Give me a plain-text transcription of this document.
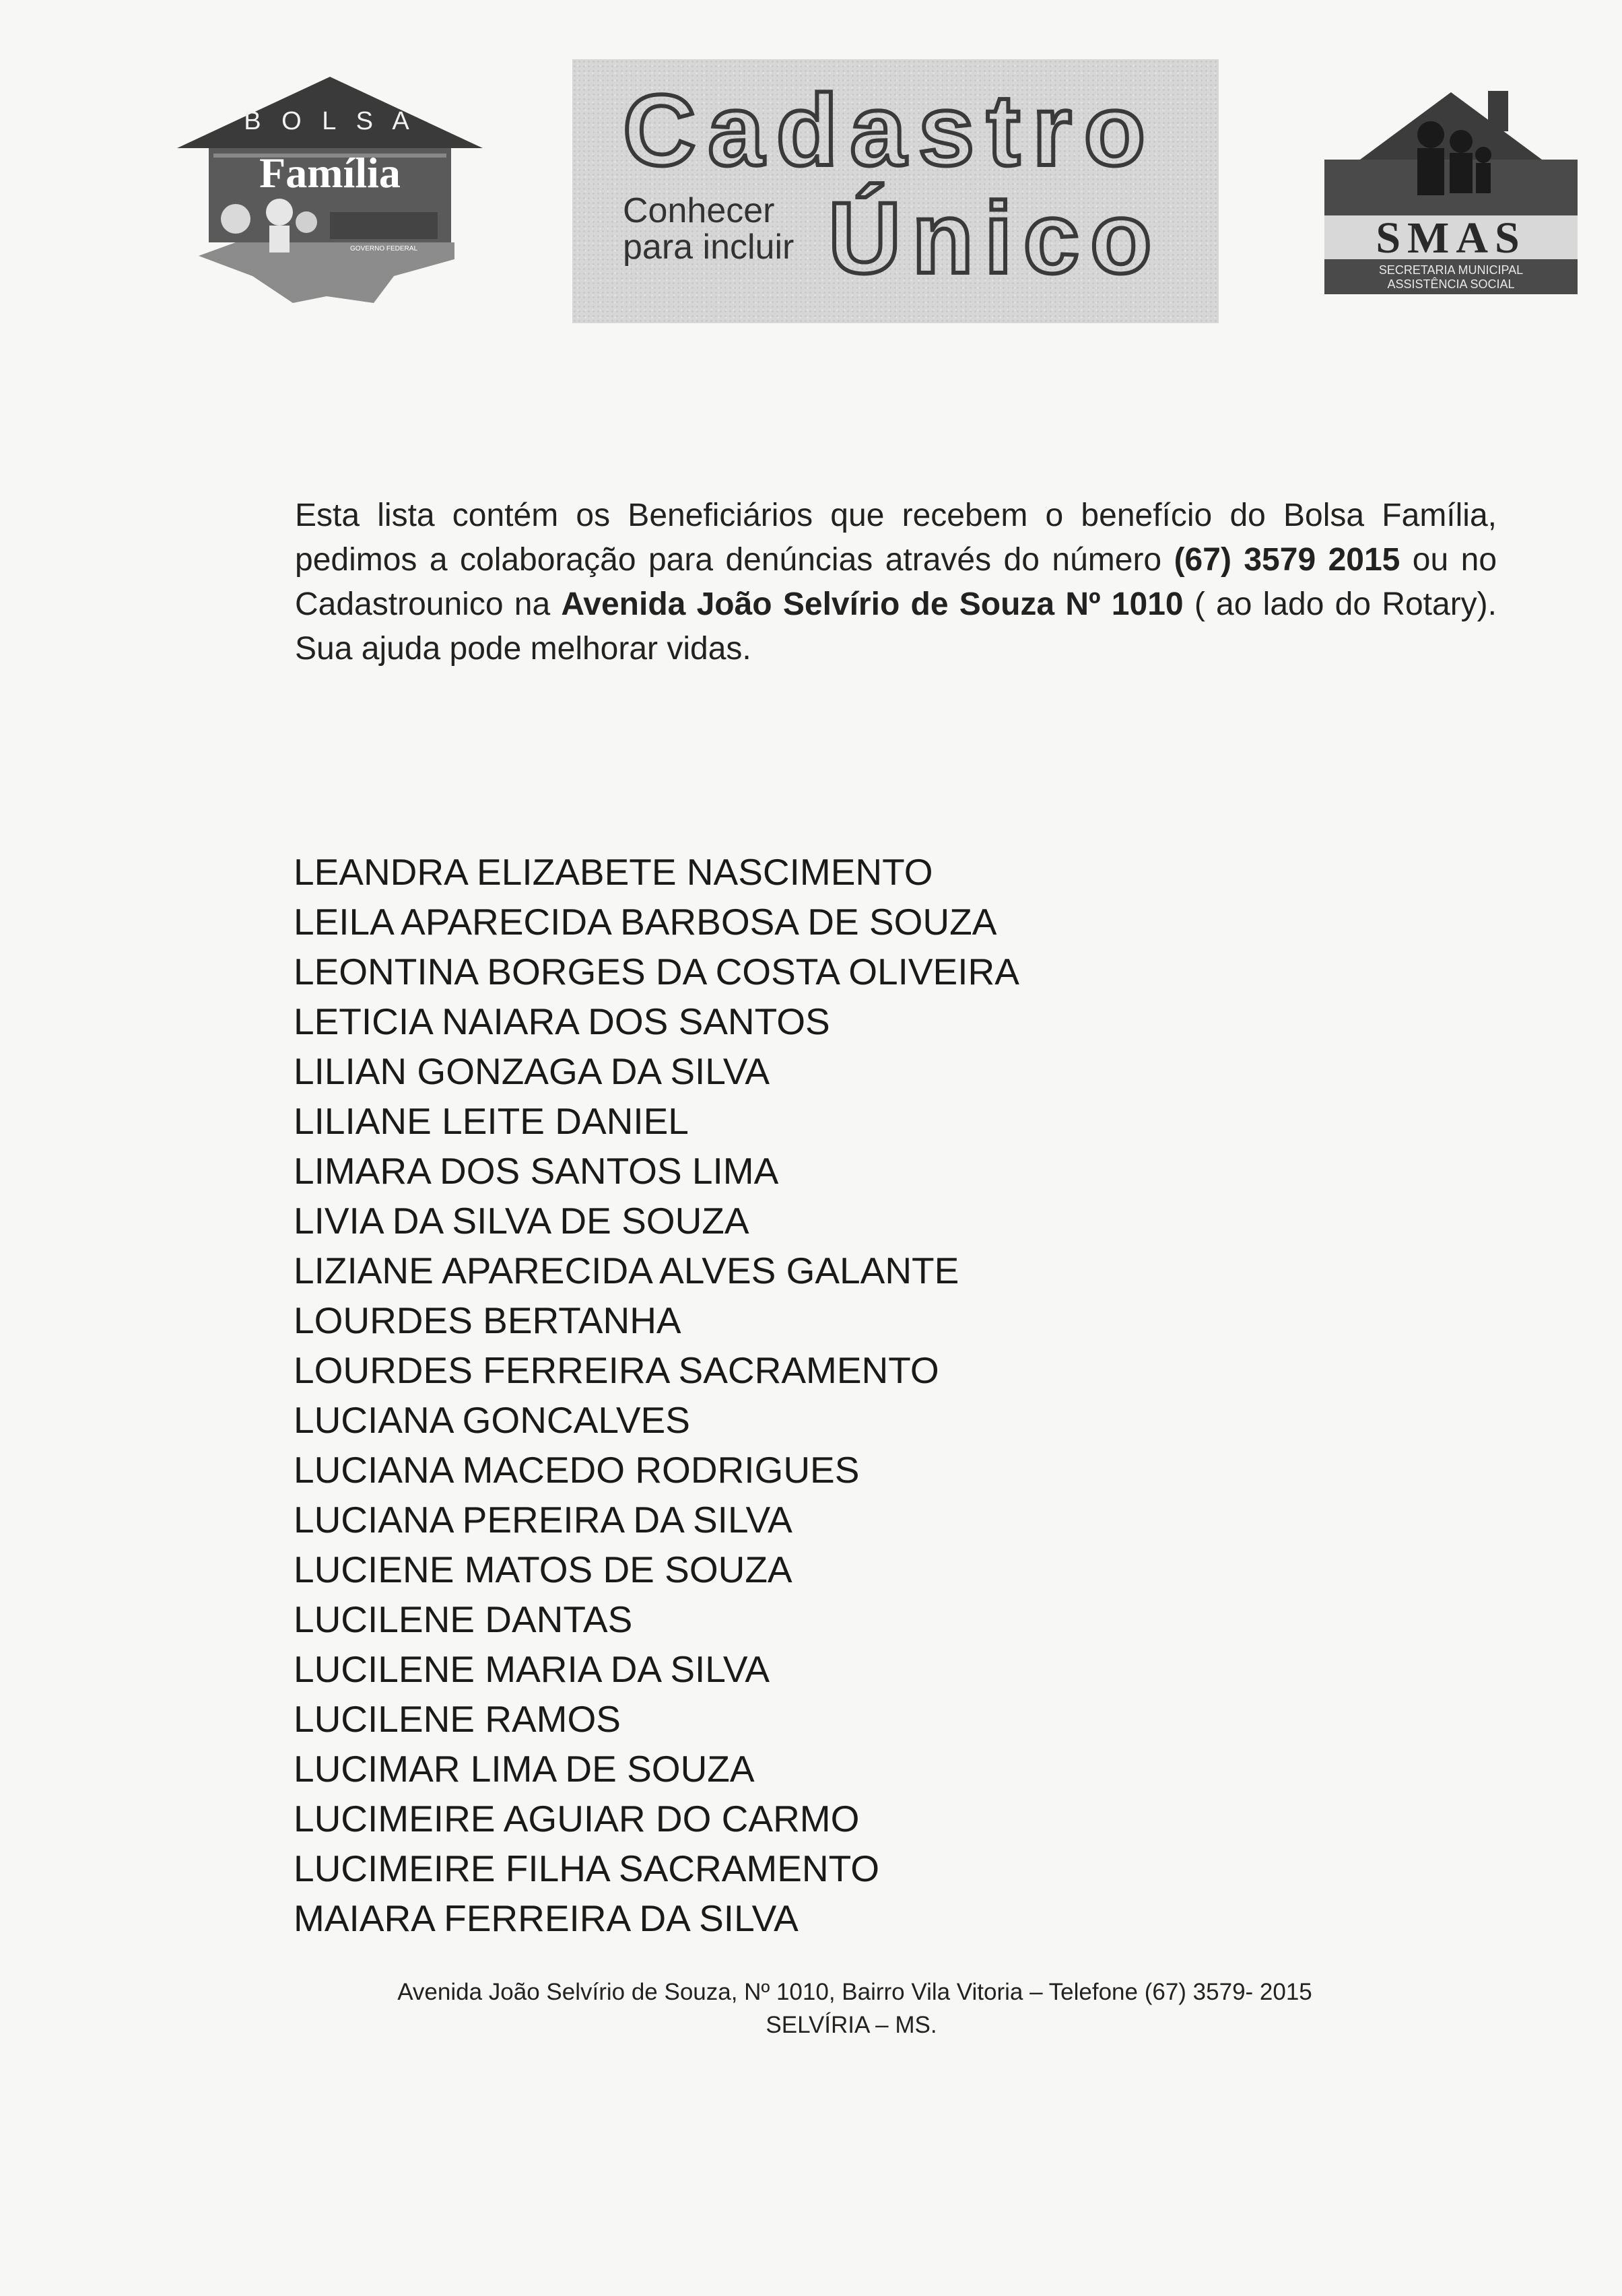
B O L S A
Família
GOVERNO FEDERAL
Cadastro
Conhecer
para incluir Único	SMAS
SECRETARIA MUNICIPAL
ASSISTÊNCIA SOCIAL

Esta lista contém os Beneficiários que recebem o benefício do Bolsa Família, pedimos a colaboração para denúncias através do número (67) 3579 2015 ou no Cadastrounico na Avenida João Selvírio de Souza Nº 1010 ( ao lado do Rotary). Sua ajuda pode melhorar vidas.

LEANDRA ELIZABETE NASCIMENTO
LEILA APARECIDA BARBOSA DE SOUZA
LEONTINA BORGES DA COSTA OLIVEIRA
LETICIA NAIARA DOS SANTOS
LILIAN GONZAGA DA SILVA
LILIANE LEITE DANIEL
LIMARA DOS SANTOS LIMA
LIVIA DA SILVA DE SOUZA
LIZIANE APARECIDA ALVES GALANTE
LOURDES BERTANHA
LOURDES FERREIRA SACRAMENTO
LUCIANA GONCALVES
LUCIANA MACEDO RODRIGUES
LUCIANA PEREIRA DA SILVA
LUCIENE MATOS DE SOUZA
LUCILENE DANTAS
LUCILENE MARIA DA SILVA
LUCILENE RAMOS
LUCIMAR LIMA DE SOUZA
LUCIMEIRE AGUIAR DO CARMO
LUCIMEIRE FILHA SACRAMENTO
MAIARA FERREIRA DA SILVA
Avenida João Selvírio de Souza, Nº 1010, Bairro Vila Vitoria – Telefone (67) 3579- 2015
SELVÍRIA – MS.
